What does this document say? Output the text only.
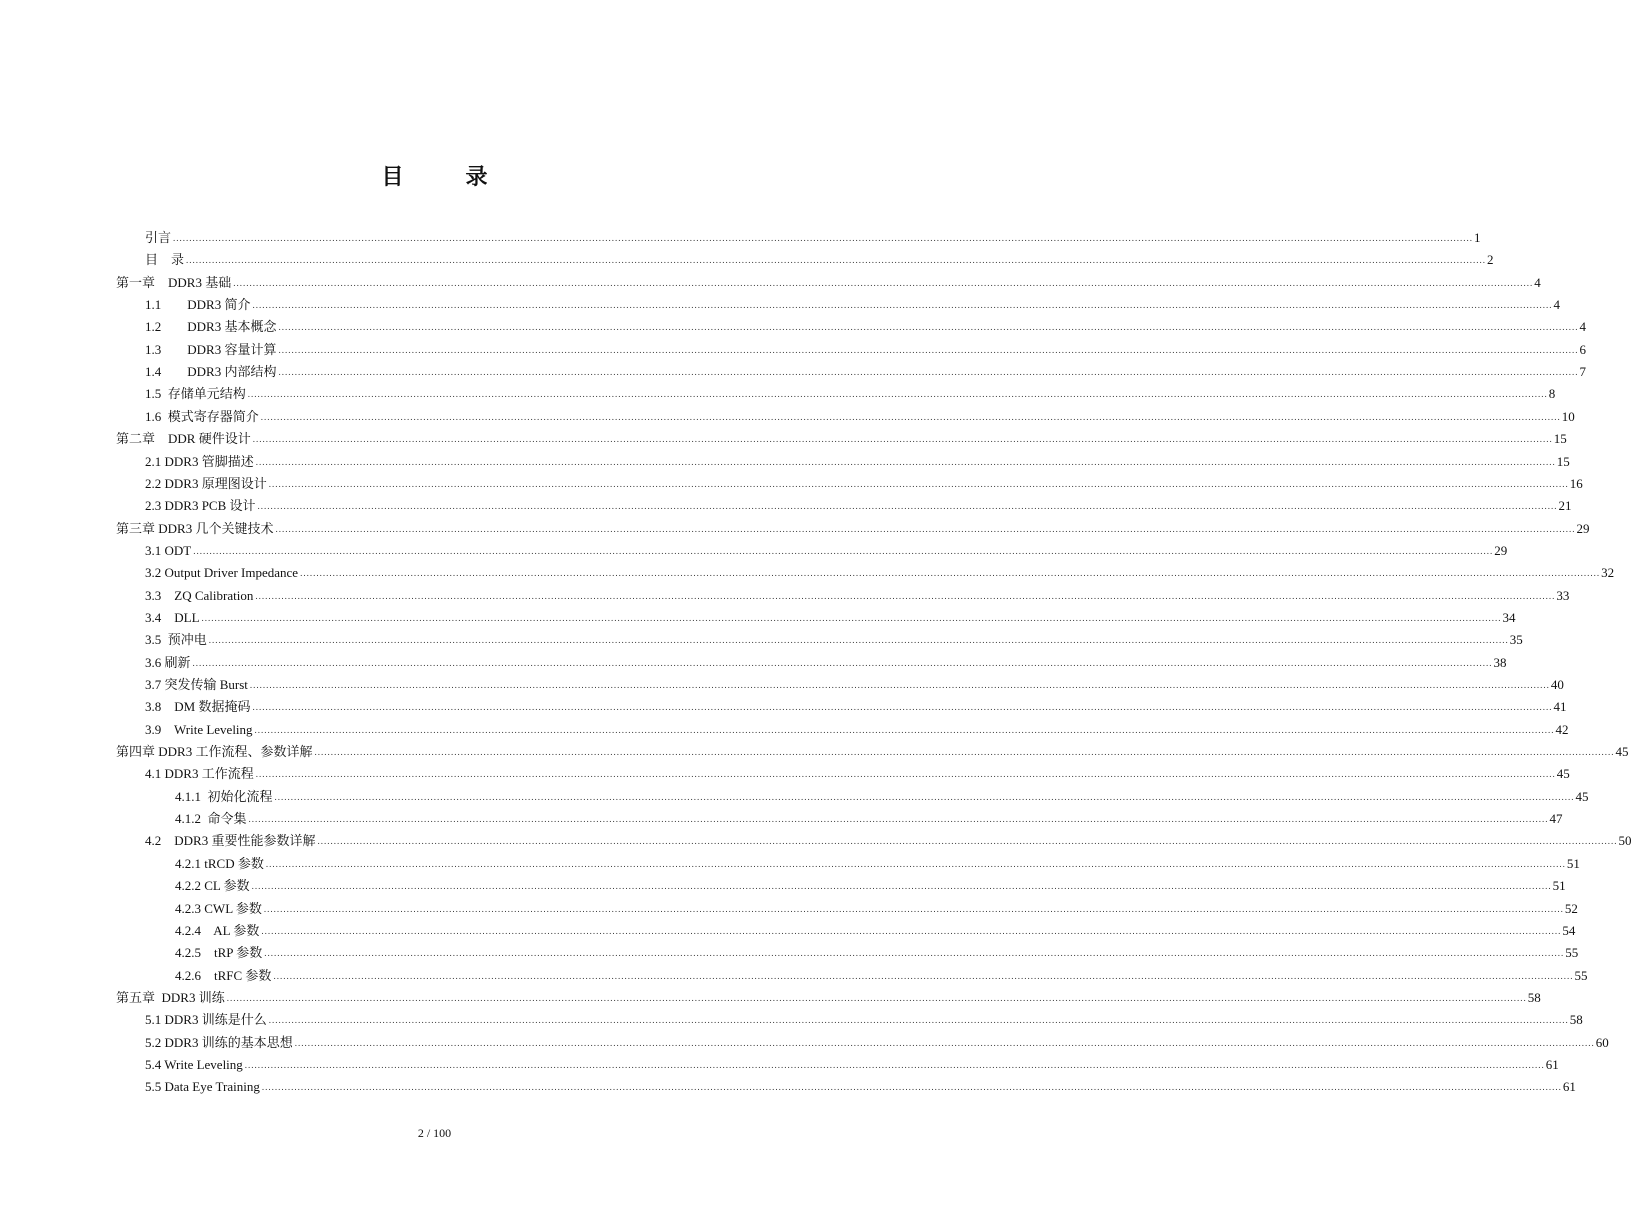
目　录
引言 ................................................................................................................................................................................................................................................................................................................................................................................................................ 1
目　录 ................................................................................................................................................................................................................................................................................................................................................................................................................ 2
第一章　DDR3 基础 ................................................................................................................................................................................................................................................................................................................................................................................................................ 4
1.1　　DDR3 简介 ................................................................................................................................................................................................................................................................................................................................................................................................................ 4
1.2　　DDR3 基本概念 ................................................................................................................................................................................................................................................................................................................................................................................................................ 4
1.3　　DDR3 容量计算 ................................................................................................................................................................................................................................................................................................................................................................................................................ 6
1.4　　DDR3 内部结构 ................................................................................................................................................................................................................................................................................................................................................................................................................ 7
1.5  存储单元结构 ................................................................................................................................................................................................................................................................................................................................................................................................................ 8
1.6  模式寄存器简介 ................................................................................................................................................................................................................................................................................................................................................................................................................ 10
第二章　DDR 硬件设计 ................................................................................................................................................................................................................................................................................................................................................................................................................ 15
2.1 DDR3 管脚描述 ................................................................................................................................................................................................................................................................................................................................................................................................................ 15
2.2 DDR3 原理图设计 ................................................................................................................................................................................................................................................................................................................................................................................................................ 16
2.3 DDR3 PCB 设计 ................................................................................................................................................................................................................................................................................................................................................................................................................ 21
第三章 DDR3 几个关键技术 ................................................................................................................................................................................................................................................................................................................................................................................................................ 29
3.1 ODT ................................................................................................................................................................................................................................................................................................................................................................................................................ 29
3.2 Output Driver Impedance ................................................................................................................................................................................................................................................................................................................................................................................................................ 32
3.3    ZQ Calibration ................................................................................................................................................................................................................................................................................................................................................................................................................ 33
3.4    DLL ................................................................................................................................................................................................................................................................................................................................................................................................................ 34
3.5  预冲电 ................................................................................................................................................................................................................................................................................................................................................................................................................ 35
3.6 刷新 ................................................................................................................................................................................................................................................................................................................................................................................................................ 38
3.7 突发传输 Burst ................................................................................................................................................................................................................................................................................................................................................................................................................ 40
3.8    DM 数据掩码 ................................................................................................................................................................................................................................................................................................................................................................................................................ 41
3.9    Write Leveling ................................................................................................................................................................................................................................................................................................................................................................................................................ 42
第四章 DDR3 工作流程、参数详解 ................................................................................................................................................................................................................................................................................................................................................................................................................ 45
4.1 DDR3 工作流程 ................................................................................................................................................................................................................................................................................................................................................................................................................ 45
4.1.1  初始化流程 ................................................................................................................................................................................................................................................................................................................................................................................................................ 45
4.1.2  命令集 ................................................................................................................................................................................................................................................................................................................................................................................................................ 47
4.2    DDR3 重要性能参数详解 ................................................................................................................................................................................................................................................................................................................................................................................................................ 50
4.2.1 tRCD 参数 ................................................................................................................................................................................................................................................................................................................................................................................................................ 51
4.2.2 CL 参数 ................................................................................................................................................................................................................................................................................................................................................................................................................ 51
4.2.3 CWL 参数 ................................................................................................................................................................................................................................................................................................................................................................................................................ 52
4.2.4    AL 参数 ................................................................................................................................................................................................................................................................................................................................................................................................................ 54
4.2.5    tRP 参数 ................................................................................................................................................................................................................................................................................................................................................................................................................ 55
4.2.6    tRFC 参数 ................................................................................................................................................................................................................................................................................................................................................................................................................ 55
第五章  DDR3 训练 ................................................................................................................................................................................................................................................................................................................................................................................................................ 58
5.1 DDR3 训练是什么 ................................................................................................................................................................................................................................................................................................................................................................................................................ 58
5.2 DDR3 训练的基本思想 ................................................................................................................................................................................................................................................................................................................................................................................................................ 60
5.4 Write Leveling ................................................................................................................................................................................................................................................................................................................................................................................................................ 61
5.5 Data Eye Training ................................................................................................................................................................................................................................................................................................................................................................................................................ 61
2 / 100
